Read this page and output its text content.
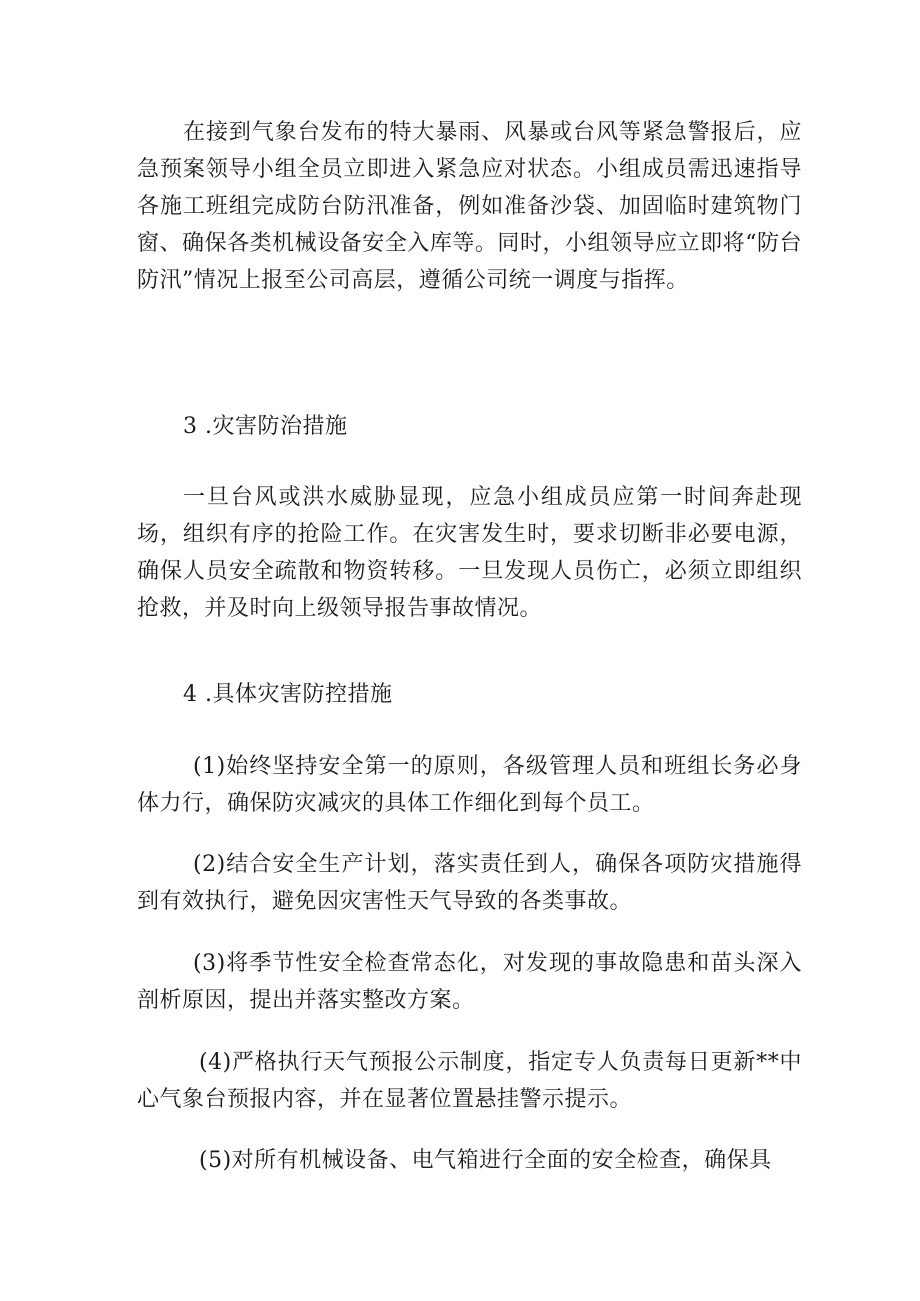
在接到气象台发布的特大暴雨、风暴或台风等紧急警报后，应急预案领导小组全员立即进入紧急应对状态。小组成员需迅速指导各施工班组完成防台防汛准备，例如准备沙袋、加固临时建筑物门窗、确保各类机械设备安全入库等。同时，小组领导应立即将“防台防汛”情况上报至公司高层，遵循公司统一调度与指挥。

3 .灾害防治措施

一旦台风或洪水威胁显现，应急小组成员应第一时间奔赴现场，组织有序的抢险工作。在灾害发生时，要求切断非必要电源，确保人员安全疏散和物资转移。一旦发现人员伤亡，必须立即组织抢救，并及时向上级领导报告事故情况。

4 .具体灾害防控措施

(1)始终坚持安全第一的原则，各级管理人员和班组长务必身体力行，确保防灾减灾的具体工作细化到每个员工。

(2)结合安全生产计划，落实责任到人，确保各项防灾措施得到有效执行，避免因灾害性天气导致的各类事故。

(3)将季节性安全检查常态化，对发现的事故隐患和苗头深入剖析原因，提出并落实整改方案。

(4)严格执行天气预报公示制度，指定专人负责每日更新**中心气象台预报内容，并在显著位置悬挂警示提示。

(5)对所有机械设备、电气箱进行全面的安全检查，确保具
